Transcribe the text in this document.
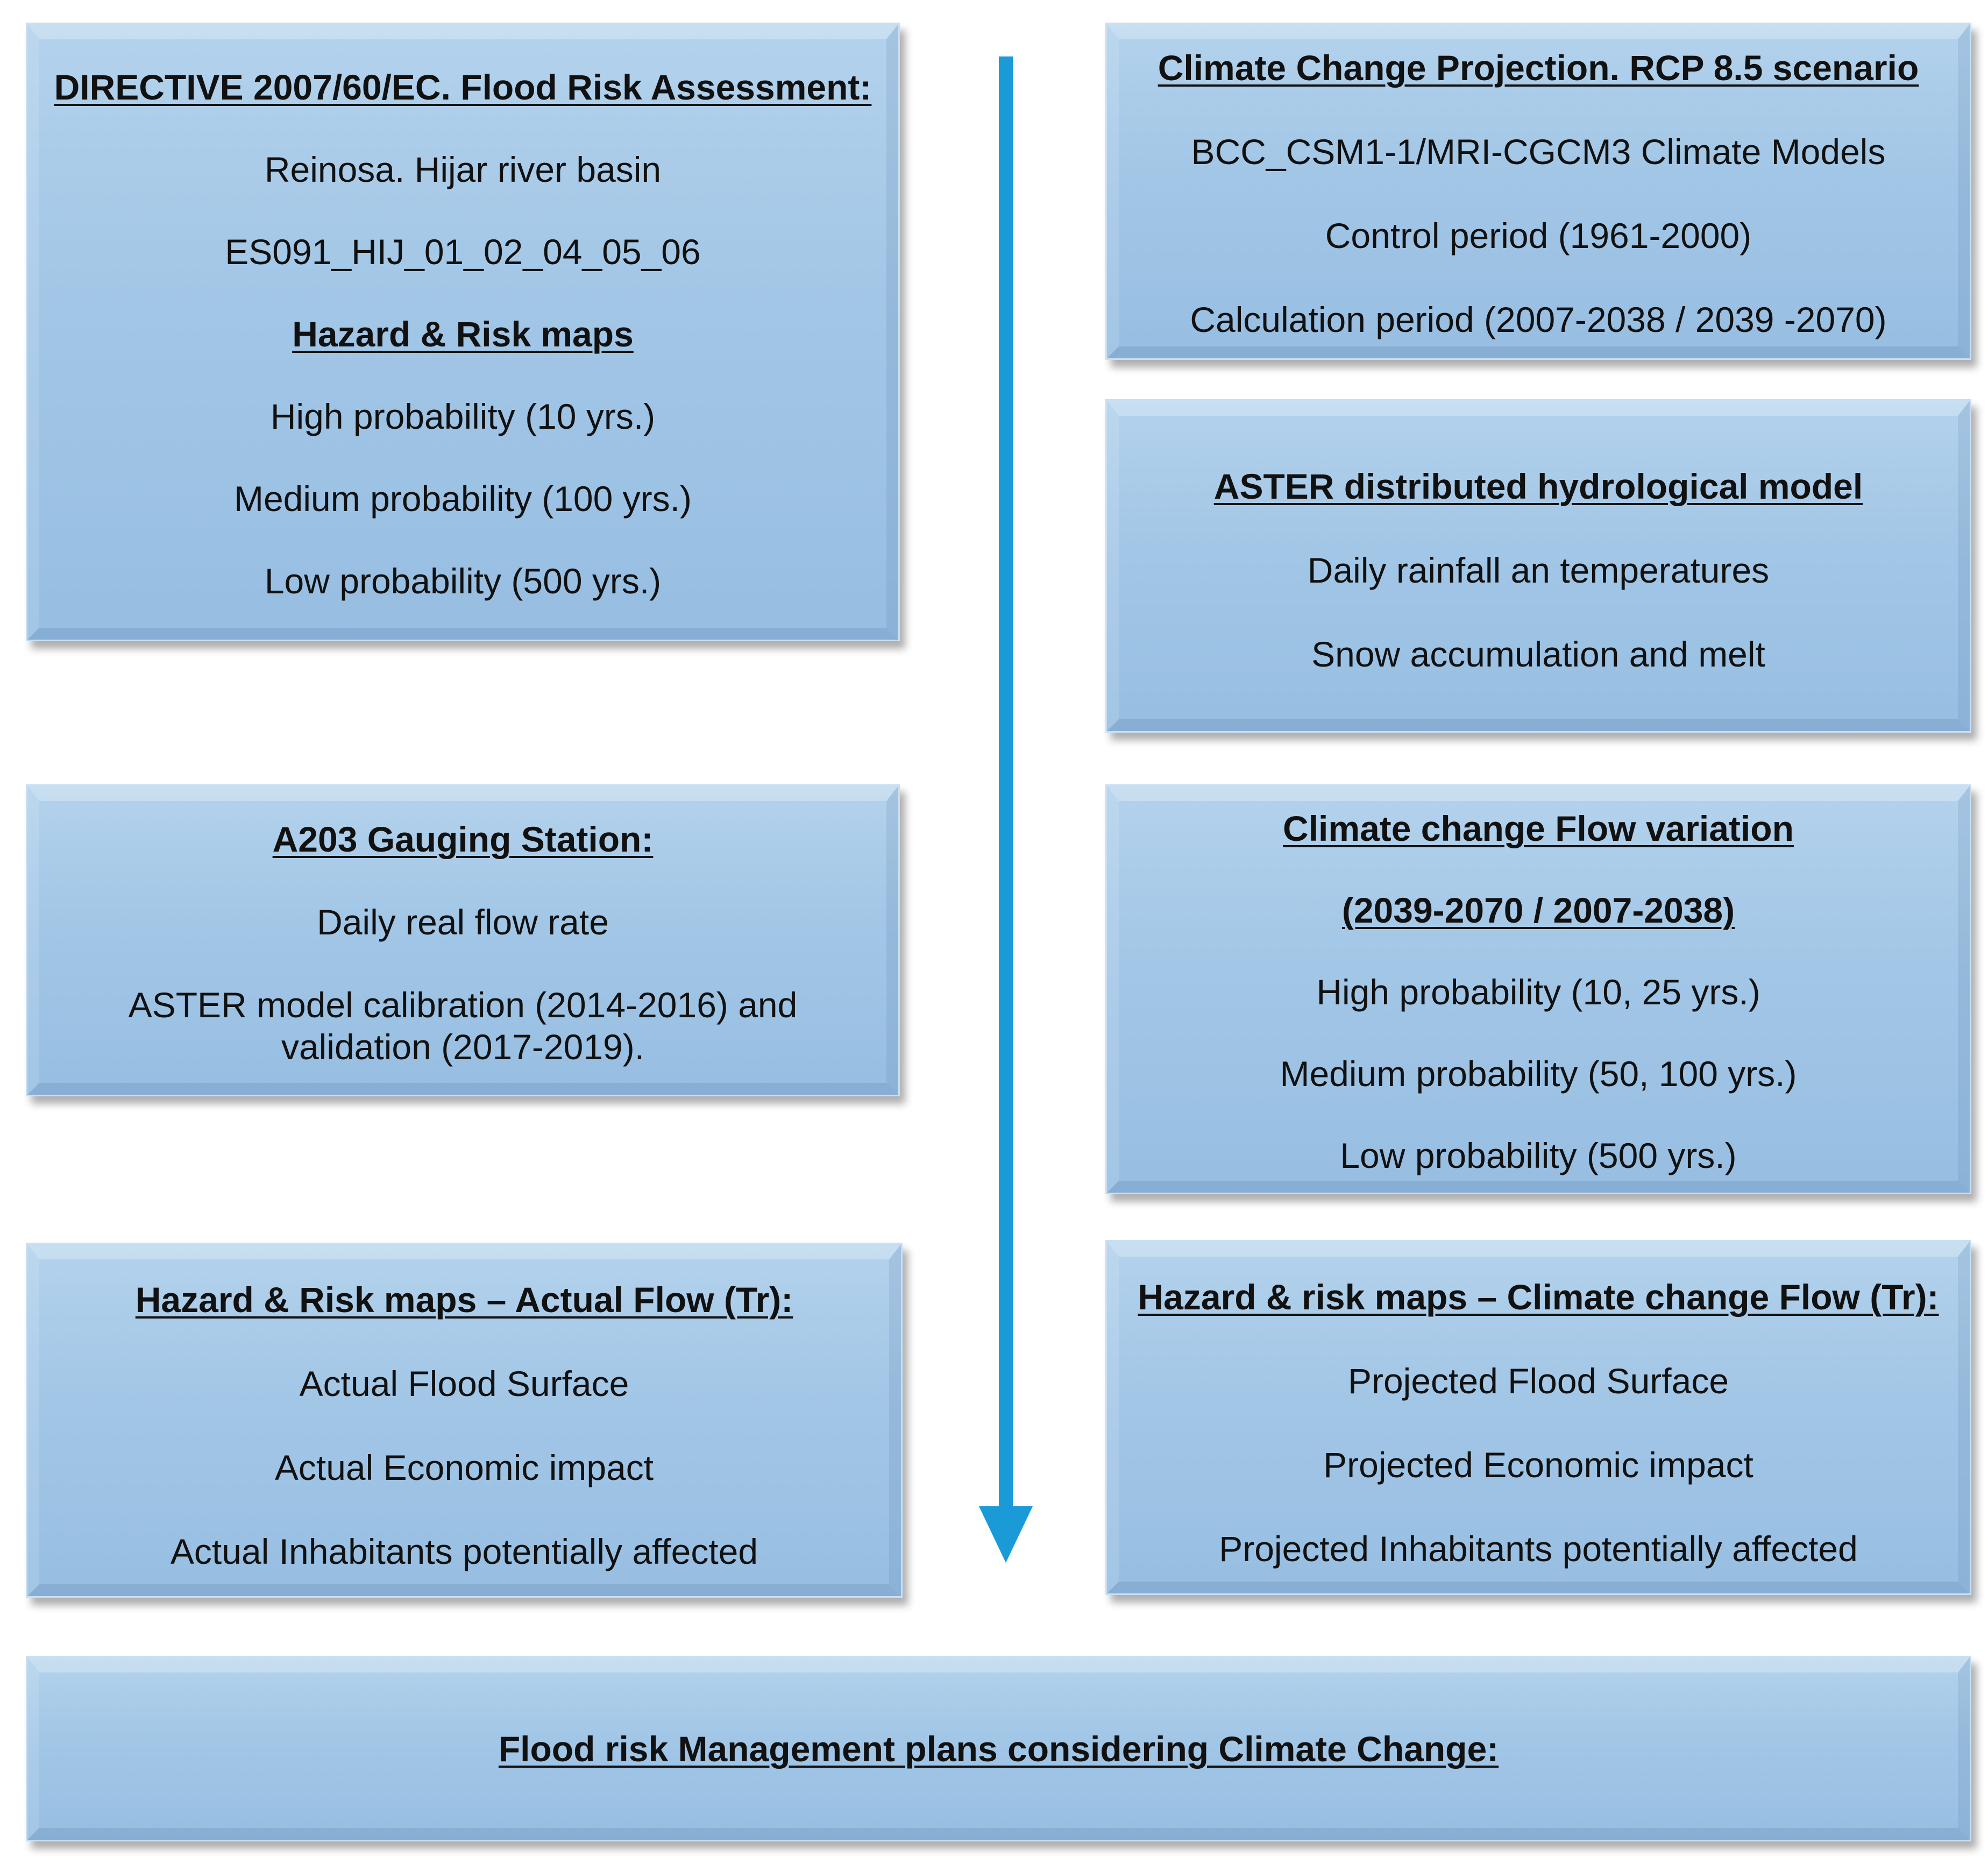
DIRECTIVE 2007/60/EC. Flood Risk Assessment:

Reinosa. Hijar river basin

ES091_HIJ_01_02_04_05_06

Hazard & Risk maps

High probability (10 yrs.)

Medium probability (100 yrs.)

Low probability (500 yrs.)

A203 Gauging Station:

Daily real flow rate

ASTER model calibration (2014-2016) and
validation (2017-2019).

Hazard & Risk maps – Actual Flow (Tr):

Actual Flood Surface

Actual Economic impact

Actual Inhabitants potentially affected

Climate Change Projection. RCP 8.5 scenario

BCC_CSM1-1/MRI-CGCM3 Climate Models

Control period (1961-2000)

Calculation period (2007-2038 / 2039 -2070)

ASTER distributed hydrological model

Daily rainfall an temperatures

Snow accumulation and melt

Climate change Flow variation

(2039-2070 / 2007-2038)

High probability (10, 25 yrs.)

Medium probability (50, 100 yrs.)

Low probability (500 yrs.)

Hazard & risk maps – Climate change Flow (Tr):

Projected Flood Surface

Projected Economic impact

Projected Inhabitants potentially affected

Flood risk Management plans considering Climate Change:
